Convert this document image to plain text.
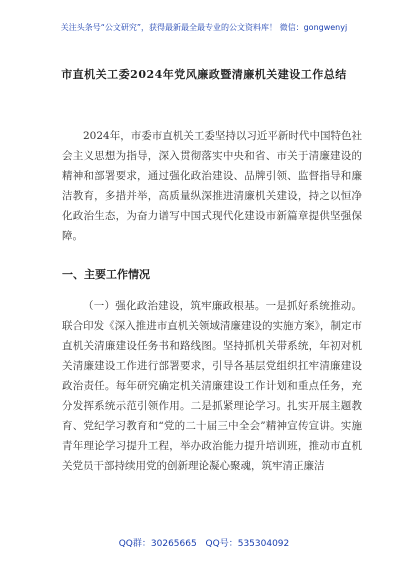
关注头条号“公文研究”，获得最新最全最专业的公文资料库！ 微信：gongwenyj
市直机关工委2024年党风廉政暨清廉机关建设工作总结
2024年，市委市直机关工委坚持以习近平新时代中国特色社会主义思想为指导，深入贯彻落实中央和省、市关于清廉建设的精神和部署要求，通过强化政治建设、品牌引领、监督指导和廉洁教育，多措并举，高质量纵深推进清廉机关建设，持之以恒净化政治生态，为奋力谱写中国式现代化建设市新篇章提供坚强保障。
一、主要工作情况
（一）强化政治建设，筑牢廉政根基。一是抓好系统推动。联合印发《深入推进市直机关领域清廉建设的实施方案》，制定市直机关清廉建设任务书和路线图。坚持抓机关带系统，年初对机关清廉建设工作进行部署要求，引导各基层党组织扛牢清廉建设政治责任。每年研究确定机关清廉建设工作计划和重点任务，充分发挥系统示范引领作用。二是抓紧理论学习。扎实开展主题教育、党纪学习教育和“党的二十届三中全会”精神宣传宣讲。实施青年理论学习提升工程，举办政治能力提升培训班，推动市直机关党员干部持续用党的创新理论凝心聚魂，筑牢清正廉洁
QQ群：30265665 QQ号：535304092
